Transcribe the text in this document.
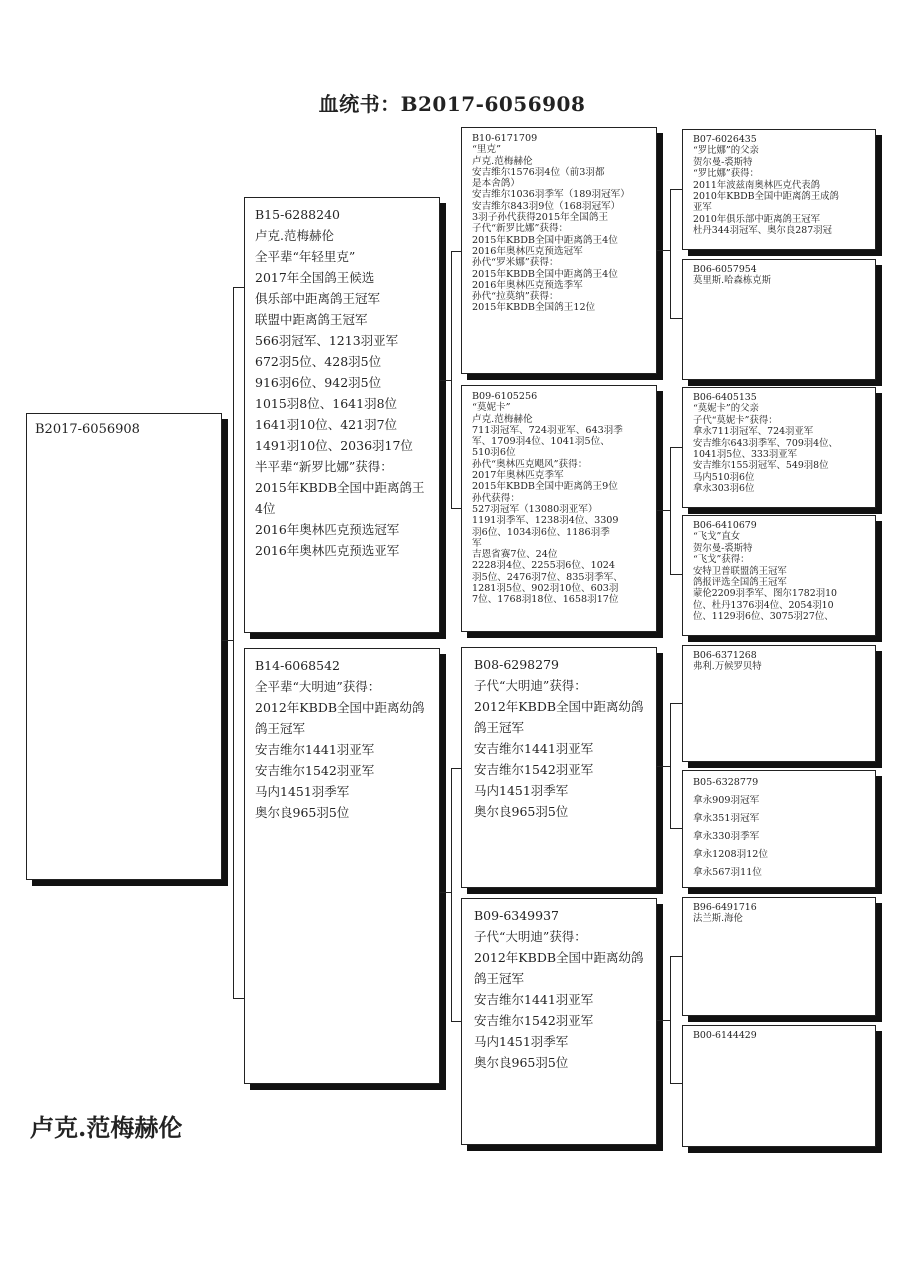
血统书：B2017-6056908
B2017-6056908
B15-6288240
卢克.范梅赫伦
全平辈“年轻里克”
2017年全国鸽王候选
俱乐部中距离鸽王冠军
联盟中距离鸽王冠军
566羽冠军、1213羽亚军
672羽5位、428羽5位
916羽6位、942羽5位
1015羽8位、1641羽8位
1641羽10位、421羽7位
1491羽10位、2036羽17位
半平辈“新罗比娜”获得：
2015年KBDB全国中距离鸽王
4位
2016年奥林匹克预选冠军
2016年奥林匹克预选亚军
B14-6068542
全平辈“大明迪”获得：
2012年KBDB全国中距离幼鸽
鸽王冠军
安吉维尔1441羽亚军
安吉维尔1542羽亚军
马内1451羽季军
奥尔良965羽5位
B10-6171709
“里克”
卢克.范梅赫伦
安吉维尔1576羽4位（前3羽都
是本舍鸽）
安吉维尔1036羽季军（189羽冠军）
安吉维尔843羽9位（168羽冠军）
3羽子孙代获得2015年全国鸽王
子代“新罗比娜”获得：
2015年KBDB全国中距离鸽王4位
2016年奥林匹克预选冠军
孙代“罗米娜”获得：
2015年KBDB全国中距离鸽王4位
2016年奥林匹克预选季军
孙代“拉莫纳”获得：
2015年KBDB全国鸽王12位
B09-6105256
“莫妮卡”
卢克.范梅赫伦
711羽冠军、724羽亚军、643羽季
军、1709羽4位、1041羽5位、
510羽6位
孙代“奥林匹克飓风”获得：
2017年奥林匹克季军
2015年KBDB全国中距离鸽王9位
孙代获得：
527羽冠军（13080羽亚军）
1191羽季军、1238羽4位、3309
羽6位、1034羽6位、1186羽季
军
吉恩省赛7位、24位
2228羽4位、2255羽6位、1024
羽5位、2476羽7位、835羽季军、
1281羽5位、902羽10位、603羽
7位、1768羽18位、1658羽17位
B08-6298279
子代“大明迪”获得：
2012年KBDB全国中距离幼鸽
鸽王冠军
安吉维尔1441羽亚军
安吉维尔1542羽亚军
马内1451羽季军
奥尔良965羽5位
B09-6349937
子代“大明迪”获得：
2012年KBDB全国中距离幼鸽
鸽王冠军
安吉维尔1441羽亚军
安吉维尔1542羽亚军
马内1451羽季军
奥尔良965羽5位
B07-6026435
“罗比娜”的父亲
贺尔曼-裘斯特
“罗比娜”获得：
2011年波兹南奥林匹克代表鸽
2010年KBDB全国中距离鸽王成鸽
亚军
2010年俱乐部中距离鸽王冠军
杜丹344羽冠军、奥尔良287羽冠
B06-6057954
莫里斯.哈森栋克斯
B06-6405135
“莫妮卡”的父亲
子代“莫妮卡”获得：
拿永711羽冠军、724羽亚军
安吉维尔643羽季军、709羽4位、
1041羽5位、333羽亚军
安吉维尔155羽冠军、549羽8位
马内510羽6位
拿永303羽6位
B06-6410679
“飞戈”直女
贺尔曼-裘斯特
“飞戈”获得：
安特卫普联盟鸽王冠军
鸽报评选全国鸽王冠军
蒙伦2209羽季军、图尔1782羽10
位、杜丹1376羽4位、2054羽10
位、1129羽6位、3075羽27位、
B06-6371268
弗利.万候罗贝特
B05-6328779
拿永909羽冠军
拿永351羽冠军
拿永330羽季军
拿永1208羽12位
拿永567羽11位
B96-6491716
法兰斯.海伦
B00-6144429
卢克.范梅赫伦
